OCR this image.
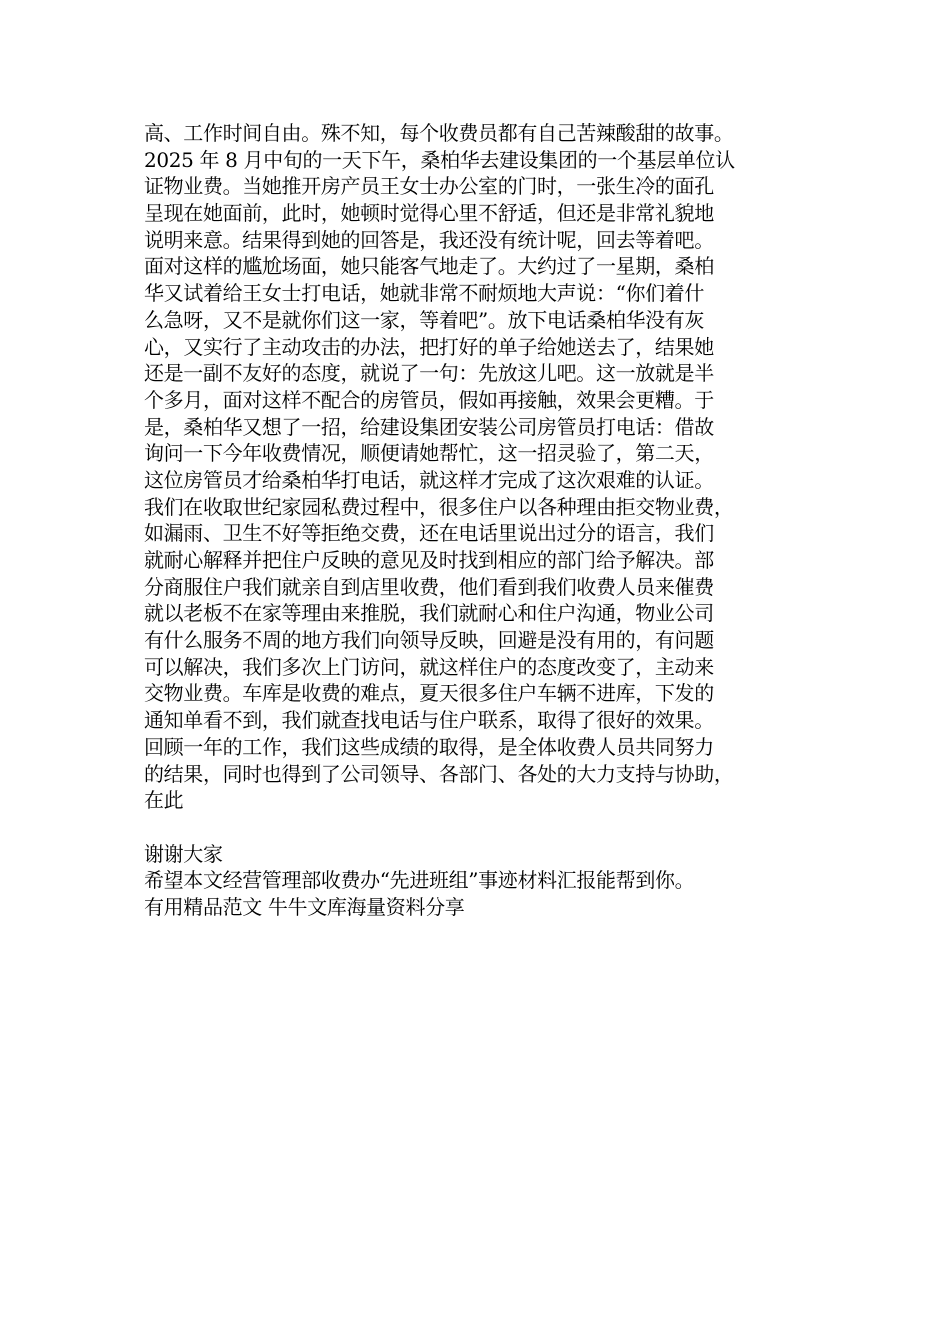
高、工作时间自由。殊不知，每个收费员都有自己苦辣酸甜的故事。
2025 年 8 月中旬的一天下午，桑柏华去建设集团的一个基层单位认
证物业费。当她推开房产员王女士办公室的门时，一张生冷的面孔
呈现在她面前，此时，她顿时觉得心里不舒适，但还是非常礼貌地
说明来意。结果得到她的回答是，我还没有统计呢，回去等着吧。
面对这样的尴尬场面，她只能客气地走了。大约过了一星期，桑柏
华又试着给王女士打电话，她就非常不耐烦地大声说：“你们着什
么急呀，又不是就你们这一家，等着吧”。放下电话桑柏华没有灰
心，又实行了主动攻击的办法，把打好的单子给她送去了，结果她
还是一副不友好的态度，就说了一句：先放这儿吧。这一放就是半
个多月，面对这样不配合的房管员，假如再接触，效果会更糟。于
是，桑柏华又想了一招，给建设集团安装公司房管员打电话：借故
询问一下今年收费情况，顺便请她帮忙，这一招灵验了，第二天，
这位房管员才给桑柏华打电话，就这样才完成了这次艰难的认证。
我们在收取世纪家园私费过程中，很多住户以各种理由拒交物业费，
如漏雨、卫生不好等拒绝交费，还在电话里说出过分的语言，我们
就耐心解释并把住户反映的意见及时找到相应的部门给予解决。部
分商服住户我们就亲自到店里收费，他们看到我们收费人员来催费
就以老板不在家等理由来推脱，我们就耐心和住户沟通，物业公司
有什么服务不周的地方我们向领导反映，回避是没有用的，有问题
可以解决，我们多次上门访问，就这样住户的态度改变了，主动来
交物业费。车库是收费的难点，夏天很多住户车辆不进库，下发的
通知单看不到，我们就查找电话与住户联系，取得了很好的效果。
回顾一年的工作，我们这些成绩的取得，是全体收费人员共同努力
的结果，同时也得到了公司领导、各部门、各处的大力支持与协助，
在此
谢谢大家
希望本文经营管理部收费办“先进班组”事迹材料汇报能帮到你。
有用精品范文 牛牛文库海量资料分享
